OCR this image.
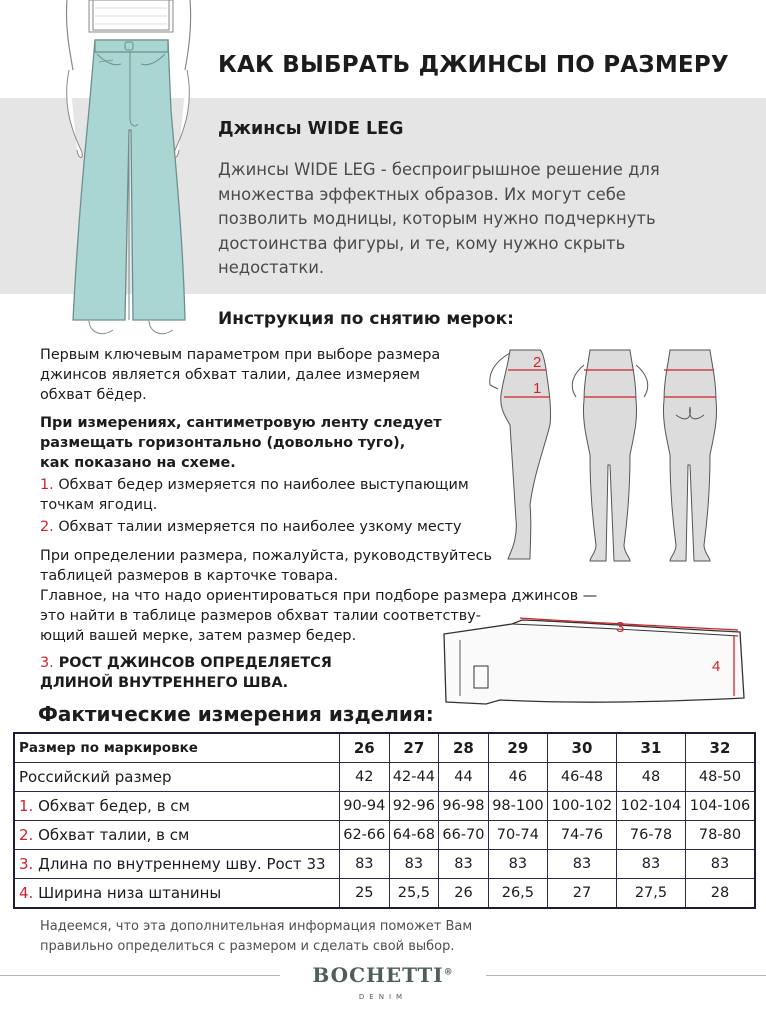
КАК ВЫБРАТЬ ДЖИНСЫ ПО РАЗМЕРУ
Джинсы WIDE LEG
Джинсы WIDE LEG - беспроигрышное решение для
множества эффектных образов. Их могут себе
позволить модницы, которым нужно подчеркнуть
достоинства фигуры, и те, кому нужно скрыть
недостатки.
Инструкция по снятию мерок:
Первым ключевым параметром при выборе размера
джинсов является обхват талии, далее измеряем
обхват бёдер.
При измерениях, сантиметровую ленту следует
размещать горизонтально (довольно туго),
как показано на схеме.
1. Обхват бедер измеряется по наиболее выступающим
точкам ягодиц.
2. Обхват талии измеряется по наиболее узкому месту
При определении размера, пожалуйста, руководствуйтесь
таблицей размеров в карточке товара.
Главное, на что надо ориентироваться при подборе размера джинсов —
это найти в таблице размеров обхват талии соответству-
ющий вашей мерке, затем размер бедер.
3. РОСТ ДЖИНСОВ ОПРЕДЕЛЯЕТСЯ
ДЛИНОЙ ВНУТРЕННЕГО ШВА.
2
1
3
4
Фактические измерения изделия:
Размер по маркировке	26	27	28	29	30	31	32
Российский размер	42	42-44	44	46	46-48	48	48-50
1. Обхват бедер, в см	90-94	92-96	96-98	98-100	100-102	102-104	104-106
2. Обхват талии, в см	62-66	64-68	66-70	70-74	74-76	76-78	78-80
3. Длина по внутреннему шву. Рост 33	83	83	83	83	83	83	83
4. Ширина низа штанины	25	25,5	26	26,5	27	27,5	28
Надеемся, что эта дополнительная информация поможет Вам
правильно определиться с размером и сделать свой выбор.
BOCHETTI®
DENIM
